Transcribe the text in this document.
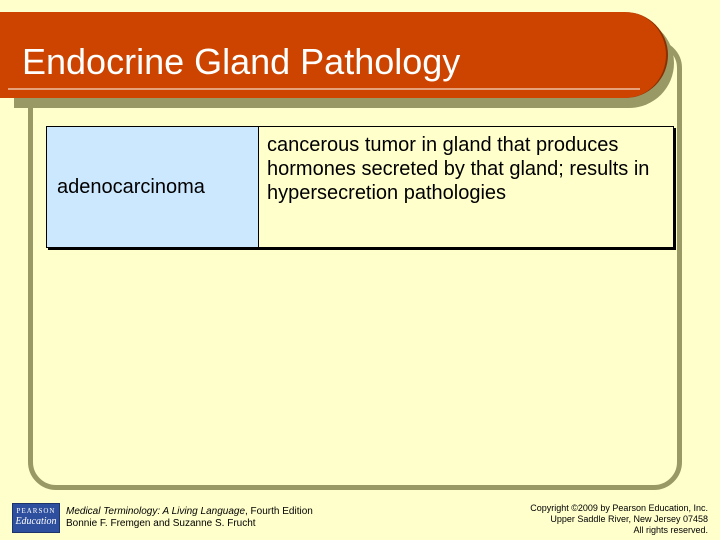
Endocrine Gland Pathology
adenocarcinoma
cancerous tumor in gland that produces hormones secreted by that gland; results in hypersecretion pathologies
PEARSON
Education
Medical Terminology: A Living Language, Fourth Edition
Bonnie F. Fremgen and Suzanne S. Frucht
Copyright ©2009 by Pearson Education, Inc.
Upper Saddle River, New Jersey 07458
All rights reserved.
